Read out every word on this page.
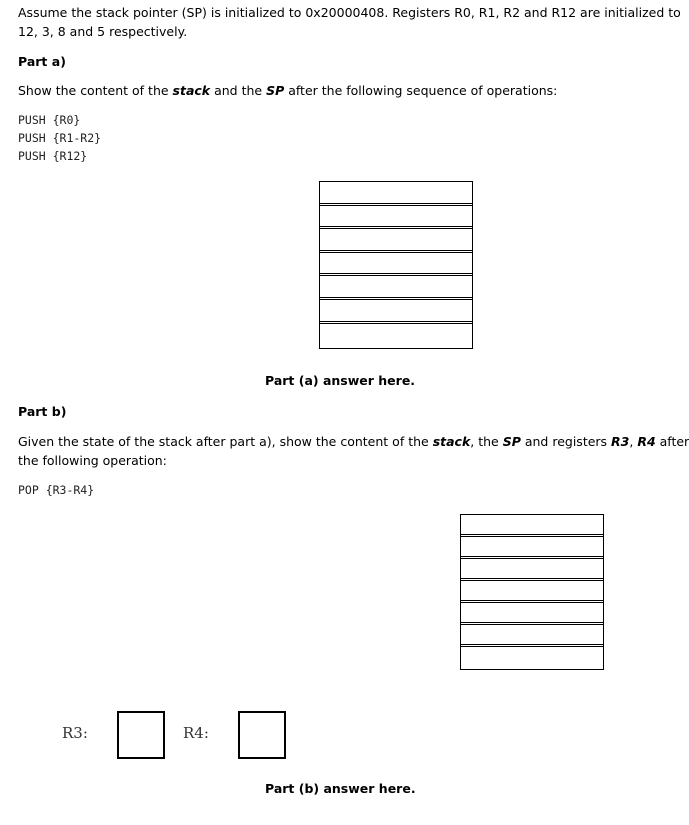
Assume the stack pointer (SP) is initialized to 0x20000408. Registers R0, R1, R2 and R12 are initialized to
12, 3, 8 and 5 respectively.
Part a)
Show the content of the stack and the SP after the following sequence of operations:
PUSH {R0}
PUSH {R1-R2}
PUSH {R12}
Part (a) answer here.
Part b)
Given the state of the stack after part a), show the content of the stack, the SP and registers R3, R4 after
the following operation:
POP {R3-R4}
R3:	R4:
Part (b) answer here.
